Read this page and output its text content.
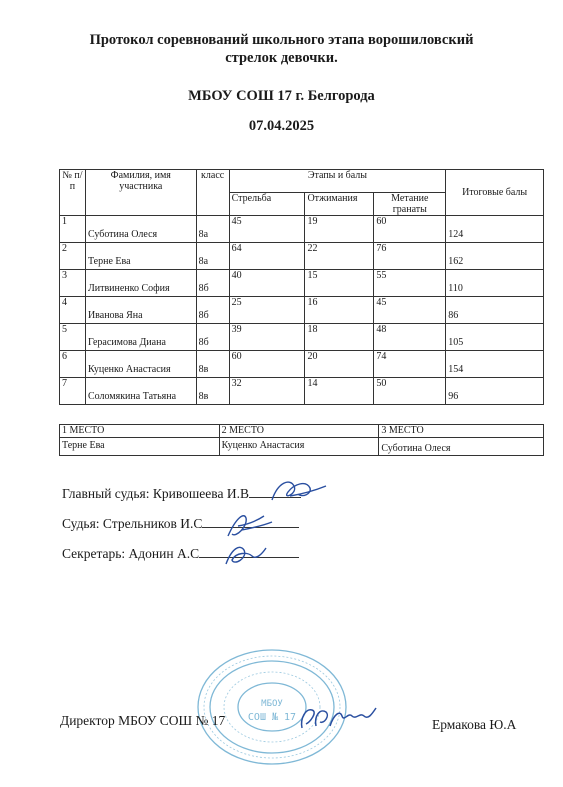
Протокол соревнований школьного этапа ворошиловский
стрелок девочки.
МБОУ СОШ 17 г. Белгорода
07.04.2025
№ п/п	Фамилия, имя участника	класс	Этапы и балы			Итоговые балы
			Стрельба	Отжимания	Метание гранаты	
1	Суботина Олеся	8а	45	19	60	124
2	Терне Ева	8а	64	22	76	162
3	Литвиненко София	8б	40	15	55	110
4	Иванова Яна	8б	25	16	45	86
5	Герасимова Диана	8б	39	18	48	105
6	Куценко Анастасия	8в	60	20	74	154
7	Соломякина Татьяна	8в	32	14	50	96
1 МЕСТО	2 МЕСТО	3 МЕСТО
Терне Ева	Куценко Анастасия	Суботина Олеся
Главный судья: Кривошеева И.В
Судья: Стрельников И.С
Секретарь: Адонин А.С
МБОУ
СОШ № 17
Директор МБОУ СОШ № 17	Ермакова Ю.А
